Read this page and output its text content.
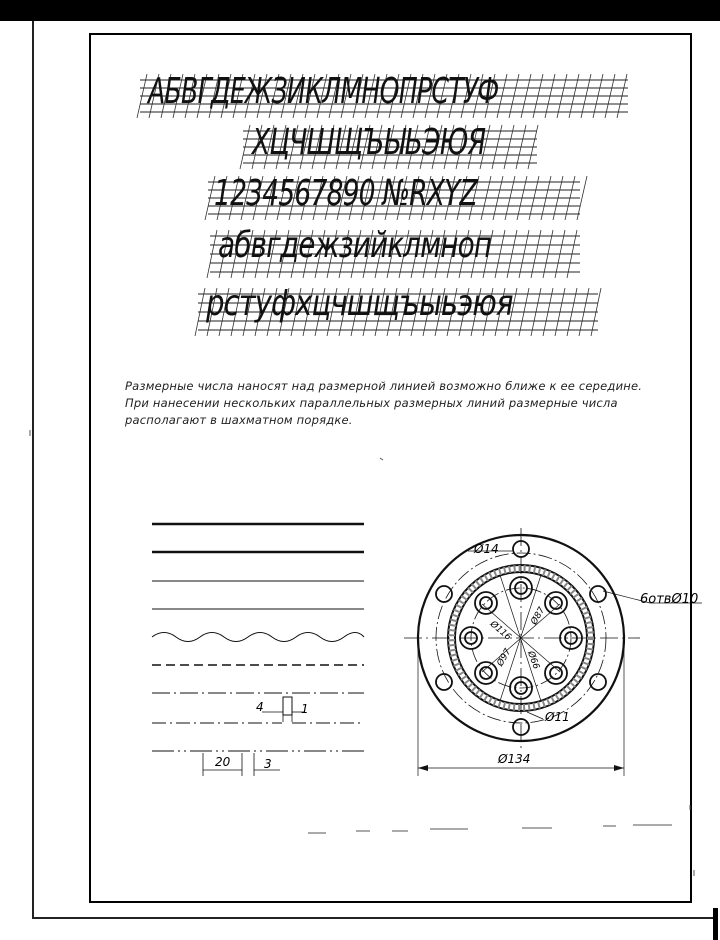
АБВГДЕЖЗИКЛМНОПРСТУФ
ХЦЧШЩЪЫЬЭЮЯ
1234567890 №RXYZ
абвгдежзийклмноп
рстуфхцчшщъыьэюя
Размерные числа наносят над размерной линией возможно ближе к ее середине.
При нанесении нескольких параллельных размерных линий размерные числа
располагают в шахматном порядке.
4	1
20	3
Ø14
Ø116
Ø87
Ø97 Ø66
Ø11
Ø134
6отвØ10
